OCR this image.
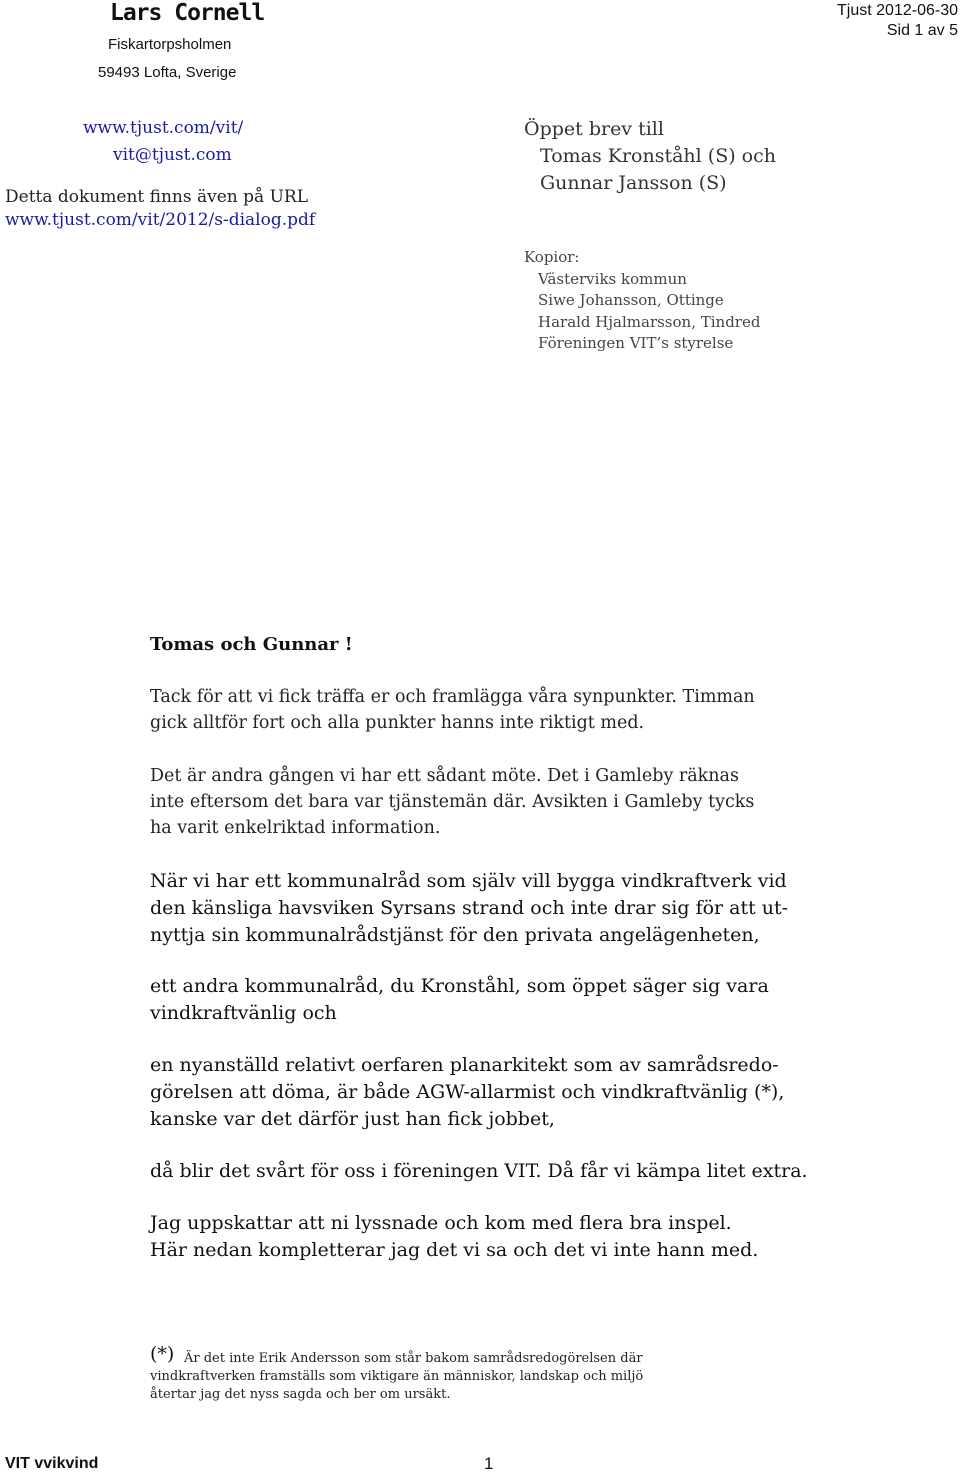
Lars Cornell
Fiskartorpsholmen
59493 Lofta, Sverige
Tjust 2012-06-30
Sid 1 av 5
www.tjust.com/vit/
vit@tjust.com
Detta dokument finns även på URL
www.tjust.com/vit/2012/s-dialog.pdf
Öppet brev till
Tomas Kronståhl (S) och
Gunnar Jansson (S)
Kopior:
Västerviks kommun
Siwe Johansson, Ottinge
Harald Hjalmarsson, Tindred
Föreningen VIT’s styrelse
Tomas och Gunnar !
Tack för att vi fick träffa er och framlägga våra synpunkter. Timman
gick alltför fort och alla punkter hanns inte riktigt med.
Det är andra gången vi har ett sådant möte. Det i Gamleby räknas
inte eftersom det bara var tjänstemän där. Avsikten i Gamleby tycks
ha varit enkelriktad information.
När vi har ett kommunalråd som själv vill bygga vindkraftverk vid
den känsliga havsviken Syrsans strand och inte drar sig för att ut-
nyttja sin kommunalrådstjänst för den privata angelägenheten,
ett andra kommunalråd, du Kronståhl, som öppet säger sig vara
vindkraftvänlig och
en nyanställd relativt oerfaren planarkitekt som av samrådsredo-
görelsen att döma, är både AGW-allarmist och vindkraftvänlig (*),
kanske var det därför just han fick jobbet,
då blir det svårt för oss i föreningen VIT. Då får vi kämpa litet extra.
Jag uppskattar att ni lyssnade och kom med flera bra inspel.
Här nedan kompletterar jag det vi sa och det vi inte hann med.
(*) Är det inte Erik Andersson som står bakom samrådsredogörelsen där
vindkraftverken framställs som viktigare än människor, landskap och miljö
återtar jag det nyss sagda och ber om ursäkt.
VIT vvikvind	1
